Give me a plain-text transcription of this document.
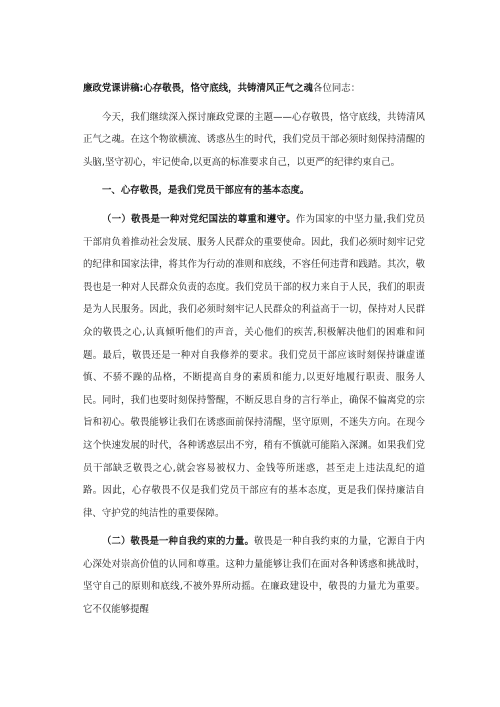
廉政党课讲稿:心存敬畏，恪守底线，共铸清风正气之魂各位同志：

今天，我们继续深入探讨廉政党课的主题——心存敬畏，恪守底线，共铸清风正气之魂。在这个物欲横流、诱惑丛生的时代，我们党员干部必须时刻保持清醒的头脑,坚守初心，牢记使命,以更高的标准要求自己，以更严的纪律约束自己。

一、心存敬畏，是我们党员干部应有的基本态度。

（一）敬畏是一种对党纪国法的尊重和遵守。作为国家的中坚力量,我们党员干部肩负着推动社会发展、服务人民群众的重要使命。因此，我们必须时刻牢记党的纪律和国家法律，将其作为行动的准则和底线，不容任何违背和践踏。其次，敬畏也是一种对人民群众负责的态度。我们党员干部的权力来自于人民，我们的职责是为人民服务。因此，我们必须时刻牢记人民群众的利益高于一切，保持对人民群众的敬畏之心,认真倾听他们的声音，关心他们的疾苦,积极解决他们的困难和问题。最后，敬畏还是一种对自我修养的要求。我们党员干部应该时刻保持谦虚谨慎、不骄不躁的品格，不断提高自身的素质和能力,以更好地履行职责、服务人民。同时，我们也要时刻保持警醒，不断反思自身的言行举止，确保不偏离党的宗旨和初心。敬畏能够让我们在诱惑面前保持清醒，坚守原则，不迷失方向。在现今这个快速发展的时代，各种诱惑层出不穷，稍有不慎就可能陷入深渊。如果我们党员干部缺乏敬畏之心,就会容易被权力、金钱等所迷惑，甚至走上违法乱纪的道路。因此，心存敬畏不仅是我们党员干部应有的基本态度，更是我们保持廉洁自律、守护党的纯洁性的重要保障。

（二）敬畏是一种自我约束的力量。敬畏是一种自我约束的力量，它源自于内心深处对崇高价值的认同和尊重。这种力量能够让我们在面对各种诱惑和挑战时，坚守自己的原则和底线,不被外界所动摇。在廉政建设中，敬畏的力量尤为重要。它不仅能够提醒
